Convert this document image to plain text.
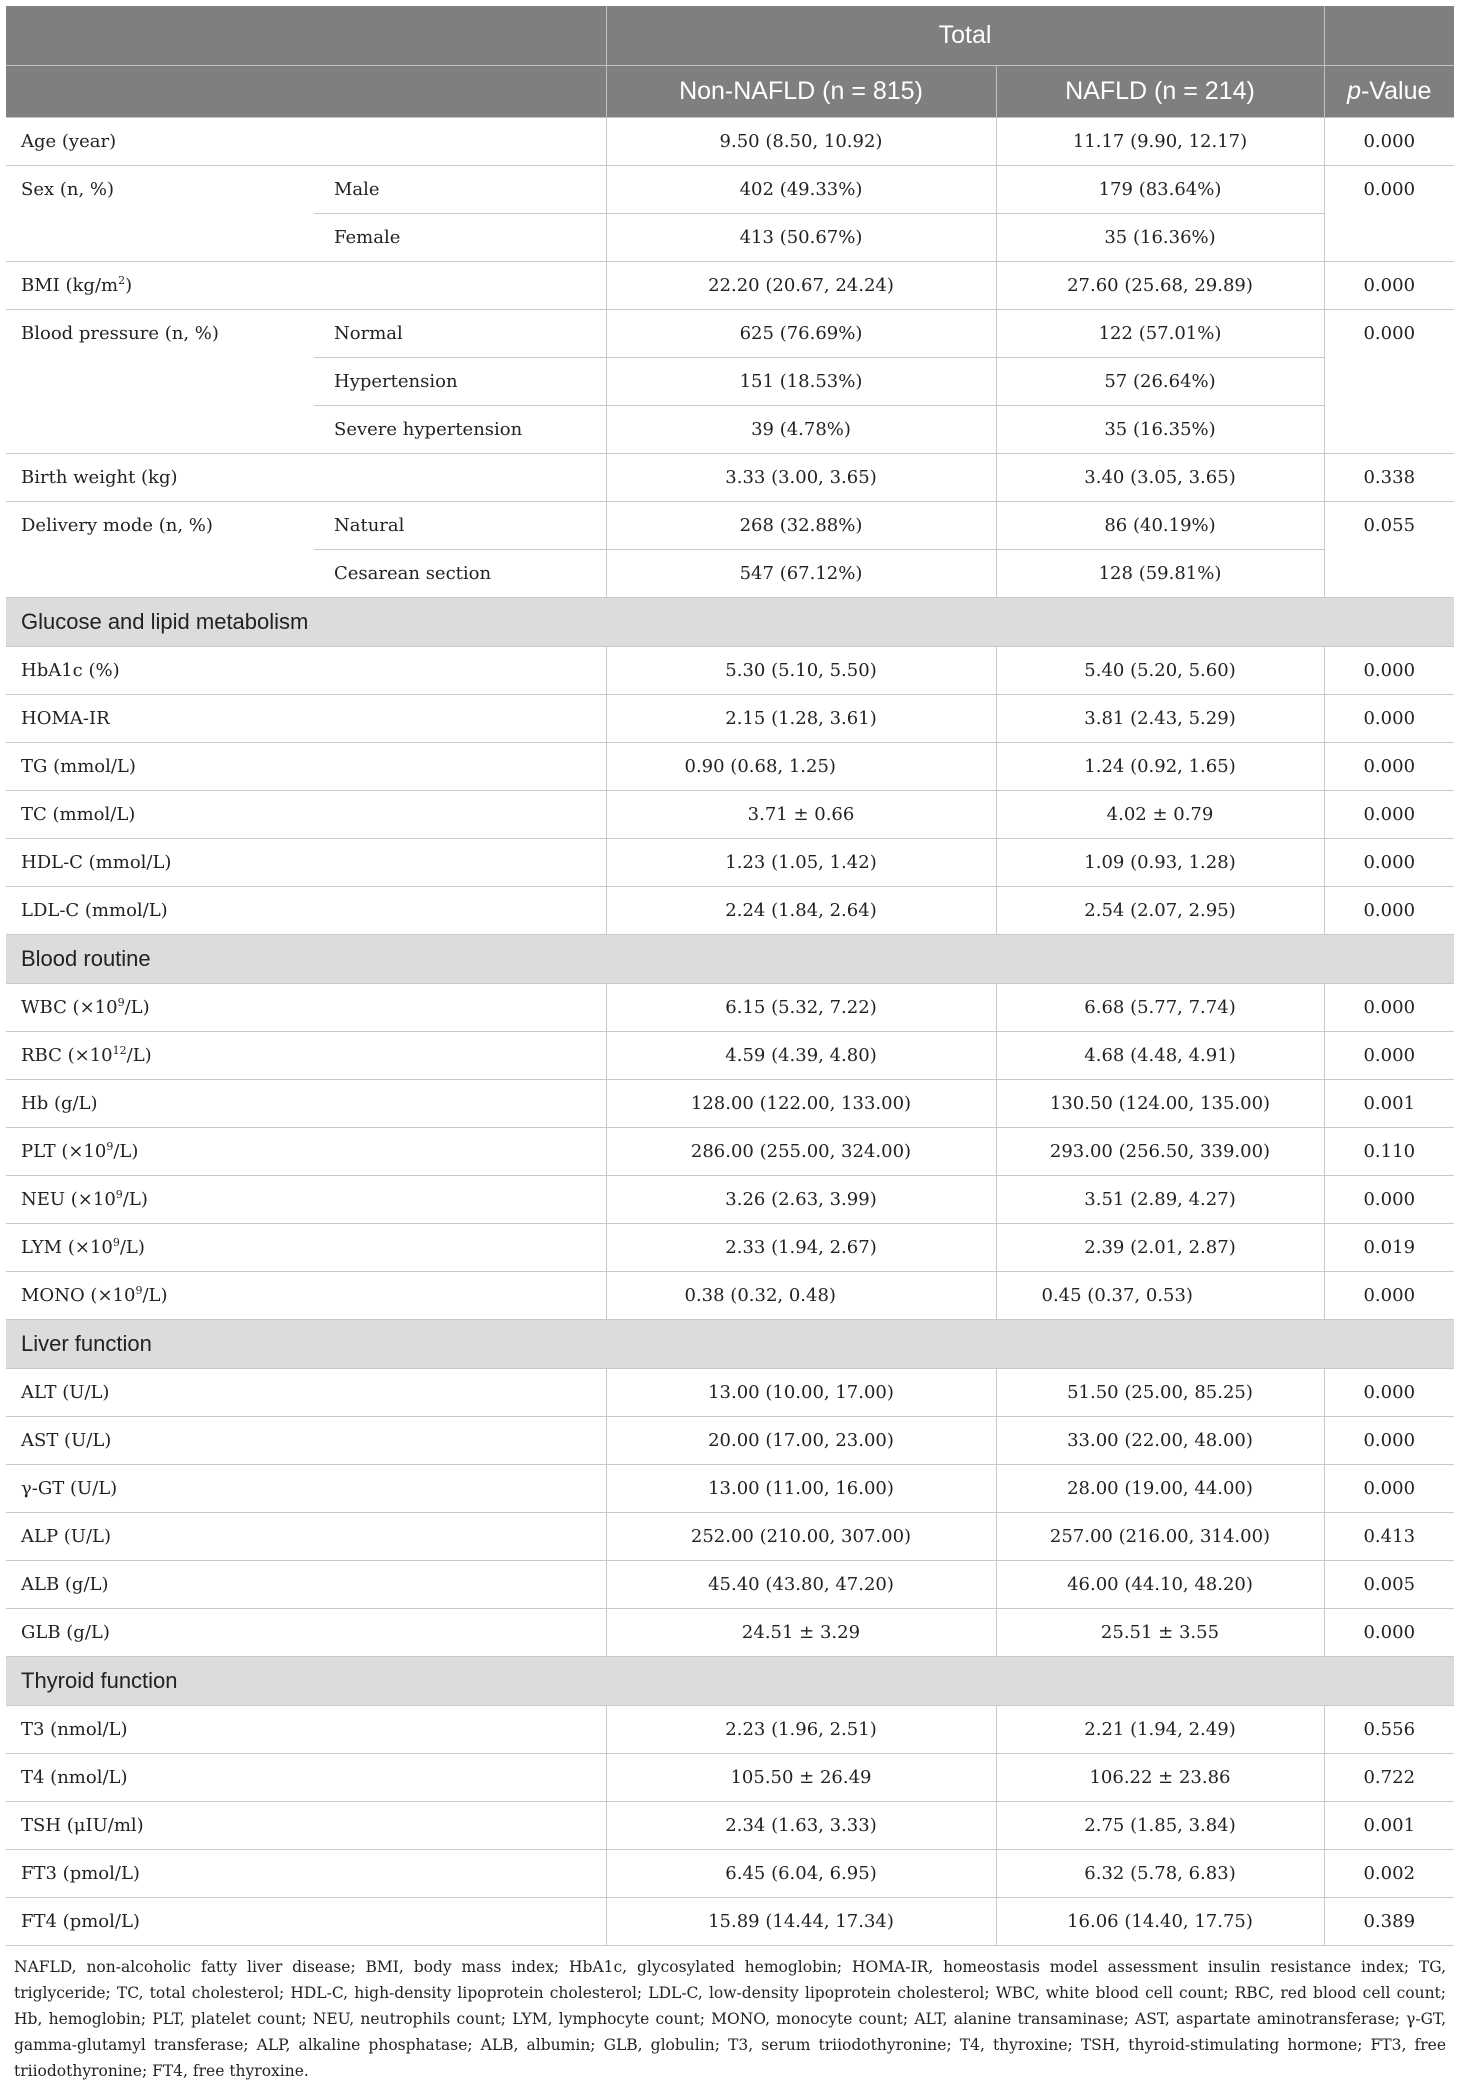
		Total		
		Non-NAFLD (n = 815)	NAFLD (n = 214)	p-Value
Age (year)		9.50 (8.50, 10.92)	11.17 (9.90, 12.17)	0.000
Sex (n, %)	Male	402 (49.33%)	179 (83.64%)	0.000
	Female	413 (50.67%)	35 (16.36%)	
BMI $(kg/m^2)$		22.20 (20.67, 24.24)	27.60 (25.68, 29.89)	0.000
Blood pressure (n, %)	Normal	625 (76.69%)	122 (57.01%)	0.000
	Hypertension	151 (18.53%)	57 (26.64%)	
	Severe hypertension	39 (4.78%)	35 (16.35%)	
Birth weight (kg)		3.33 (3.00, 3.65)	3.40 (3.05, 3.65)	0.338
Delivery mode (n, %)	Natural	268 (32.88%)	86 (40.19%)	0.055
	Cesarean section	547 (67.12%)	128 (59.81%)	
Glucose and lipid metabolism				
HbA1c (%)		5.30 (5.10, 5.50)	5.40 (5.20, 5.60)	0.000
HOMA-IR		2.15 (1.28, 3.61)	3.81 (2.43, 5.29)	0.000
TG (mmol/L)		0.90 (0.68, 1.25)	1.24 (0.92, 1.65)	0.000
TC (mmol/L)		3.71 ± 0.66	4.02 ± 0.79	0.000
HDL-C (mmol/L)		1.23 (1.05, 1.42)	1.09 (0.93, 1.28)	0.000
LDL-C (mmol/L)		2.24 (1.84, 2.64)	2.54 (2.07, 2.95)	0.000
Blood routine				
WBC $(\times 10^9/L)$		6.15 (5.32, 7.22)	6.68 (5.77, 7.74)	0.000
RBC $(\times 10^{12}/L)$		4.59 (4.39, 4.80)	4.68 (4.48, 4.91)	0.000
Hb (g/L)		128.00 (122.00, 133.00)	130.50 (124.00, 135.00)	0.001
PLT $(\times 10^9/L)$		286.00 (255.00, 324.00)	293.00 (256.50, 339.00)	0.110
NEU $(\times 10^9/L)$		3.26 (2.63, 3.99)	3.51 (2.89, 4.27)	0.000
LYM $(\times 10^9/L)$		2.33 (1.94, 2.67)	2.39 (2.01, 2.87)	0.019
MONO $(\times 10^9/L)$		0.38 (0.32, 0.48)	0.45 (0.37, 0.53)	0.000
Liver function				
ALT (U/L)		13.00 (10.00, 17.00)	51.50 (25.00, 85.25)	0.000
AST (U/L)		20.00 (17.00, 23.00)	33.00 (22.00, 48.00)	0.000
γ-GT (U/L)		13.00 (11.00, 16.00)	28.00 (19.00, 44.00)	0.000
ALP (U/L)		252.00 (210.00, 307.00)	257.00 (216.00, 314.00)	0.413
ALB (g/L)		45.40 (43.80, 47.20)	46.00 (44.10, 48.20)	0.005
GLB (g/L)		24.51 ± 3.29	25.51 ± 3.55	0.000
Thyroid function				
T3 (nmol/L)		2.23 (1.96, 2.51)	2.21 (1.94, 2.49)	0.556
T4 (nmol/L)		105.50 ± 26.49	106.22 ± 23.86	0.722
TSH (μIU/ml)		2.34 (1.63, 3.33)	2.75 (1.85, 3.84)	0.001
FT3 (pmol/L)		6.45 (6.04, 6.95)	6.32 (5.78, 6.83)	0.002
FT4 (pmol/L)		15.89 (14.44, 17.34)	16.06 (14.40, 17.75)	0.389
NAFLD, non-alcoholic fatty liver disease; BMI, body mass index; HbA1c, glycosylated hemoglobin; HOMA-IR, homeostasis model assessment insulin resistance index; TG, triglyceride; TC, total cholesterol; HDL-C, high-density lipoprotein cholesterol; LDL-C, low-density lipoprotein cholesterol; WBC, white blood cell count; RBC, red blood cell count; Hb, hemoglobin; PLT, platelet count; NEU, neutrophils count; LYM, lymphocyte count; MONO, monocyte count; ALT, alanine transaminase; AST, aspartate aminotransferase; γ-GT, gamma-glutamyl transferase; ALP, alkaline phosphatase; ALB, albumin; GLB, globulin; T3, serum triiodothyronine; T4, thyroxine; TSH, thyroid-stimulating hormone; FT3, free triiodothyronine; FT4, free thyroxine.
